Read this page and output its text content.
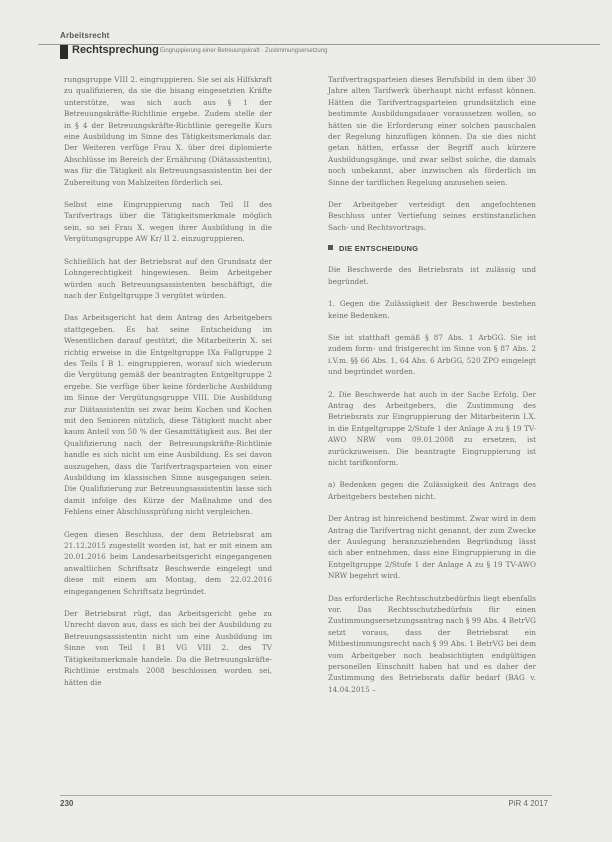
Arbeitsrecht
Rechtsprechung Eingruppierung einer Betreuungskraft · Zustimmungsersetzung

rungsgruppe VIII 2. eingruppieren. Sie sei als Hilfskraft zu qualifizieren, da sie die bisang eingesetzten Kräfte unterstütze, was sich auch aus § 1 der Betreuungskräfte-Richtlinie ergebe. Zudem stelle der in § 4 der Betreuungskräfte-Richtlinie geregelte Kurs eine Ausbildung im Sinne des Tätigkeitsmerkmals dar. Der Weiteren verfüge Frau X. über drei diplomierte Abschlüsse im Bereich der Ernährung (Diätassistentin), was für die Tätigkeit als Betreuungsassistentin bei der Zubereitung von Mahlzeiten förderlich sei.

Selbst eine Eingruppierung nach Teil II des Tarifvertrags über die Tätigkeitsmerkmale möglich sein, so sei Frau X. wegen ihrer Ausbildung in die Vergütungsgruppe AW Kr/ II 2. einzugruppieren.

Schließlich hat der Betriebsrat auf den Grundsatz der Lohngerechtigkeit hingewiesen. Beim Arbeitgeber würden auch Betreuungsassistenten beschäftigt, die nach der Entgeltgruppe 3 vergütet würden.

Das Arbeitsgericht hat dem Antrag des Arbeitgebers stattgegeben. Es hat seine Entscheidung im Wesentlichen darauf gestützt, die Mitarbeiterin X. sei richtig erweise in die Entgeltgruppe IXa Fallgruppe 2 des Teils I B 1. eingruppieren, worauf sich wiederum die Vergütung gemäß der beantragten Entgeltgruppe 2 ergebe. Sie verfüge über keine förderliche Ausbildung im Sinne der Vergütungsgruppe VIII. Die Ausbildung zur Diätassistentin sei zwar beim Kochen und Kochen mit den Senioren nützlich, diese Tätigkeit macht aber kaum Anteil von 50 % der Gesamttätigkeit aus. Bei der Qualifizierung nach der Betreuungskräfte-Richtlinie handle es sich nicht um eine Ausbildung. Es sei davon auszugehen, dass die Tarifvertragsparteien von einer Ausbildung im klassischen Sinne ausgegangen seien. Die Qualifizierung zur Betreuungsassistentin lasse sich damit infolge des Kürze der Maßnahme und des Fehlens einer Abschlussprüfung nicht vergleichen.

Gegen diesen Beschluss, der dem Betriebsrat am 21.12.2015 zugestellt worden ist, hat er mit einem am 20.01.2016 beim Landesarbeitsgericht eingegangenen anwaltlichen Schriftsatz Beschwerde eingelegt und diese mit einem am Montag, dem 22.02.2016 eingegangenen Schriftsatz begründet.

Der Betriebsrat rügt, das Arbeitsgericht gehe zu Unrecht davon aus, dass es sich bei der Ausbildung zu Betreuungsassistentin nicht um eine Ausbildung im Sinne von Teil I B1 VG VIII 2. des TV Tätigkeitsmerkmale handele. Da die Betreuungskräfte-Richtlinie erstmals 2008 beschlossen worden sei, hätten die

Tarifvertragsparteien dieses Berufsbild in dem über 30 Jahre alten Tarifwerk überhaupt nicht erfasst können. Hätten die Tarifvertragsparteien grundsätzlich eine bestimmte Ausbildungsdauer voraussetzen wollen, so hätten sie die Erforderung einer solchen pauschalen der Regelung hinzufügen können. Da sie dies nicht getan hätten, erfasse der Begriff auch kürzere Ausbildungsgänge, und zwar selbst solche, die damals noch unbekannt, aber inzwischen als förderlich im Sinne der tariflichen Regelung anzusehen seien.

Der Arbeitgeber verteidigt den angefochtenen Beschluss unter Vertiefung seines erstinstanzlichen Sach- und Rechtsvortrags.

DIE ENTSCHEIDUNG

Die Beschwerde des Betriebsrats ist zulässig und begründet.

1. Gegen die Zulässigkeit der Beschwerde bestehen keine Bedenken.

Sie ist statthaft gemäß § 87 Abs. 1 ArbGG. Sie ist zudem form- und fristgerecht im Sinne von § 87 Abs. 2 i.V.m. §§ 66 Abs. 1, 64 Abs. 6 ArbGG, 520 ZPO eingelegt und begründet worden.

2. Die Beschwerde hat auch in der Sache Erfolg. Der Antrag des Arbeitgebers, die Zustimmung des Betriebsrats zur Eingruppierung der Mitarbeiterin I.X. in die Entgeltgruppe 2/Stufe 1 der Anlage A zu § 19 TV-AWO NRW vom 09.01.2008 zu ersetzen, ist zurückzuweisen. Die beantragte Eingruppierung ist nicht tarifkonform.

a) Bedenken gegen die Zulässigkeit des Antrags des Arbeitgebers bestehen nicht.

Der Antrag ist hinreichend bestimmt. Zwar wird in dem Antrag die Tarifvertrag nicht genannt, der zum Zwecke der Auslegung heranzuziehenden Begründung lässt sich aber entnehmen, dass eine Eingruppierung in die Entgeltgruppe 2/Stufe 1 der Anlage A zu § 19 TV-AWO NRW begehrt wird.

Das erforderliche Rechtsschutzbedürfnis liegt ebenfalls vor. Das Rechtsschutzbedürfnis für einen Zustimmungsersetzungsantrag nach § 99 Abs. 4 BetrVG setzt voraus, dass der Betriebsrat ein Mitbestimmungsrecht nach § 99 Abs. 1 BetrVG bei dem vom Arbeitgeber noch beabsichtigten endgültigen personellen Einschnitt haben hat und es daher der Zustimmung des Betriebsrats dafür bedarf (BAG v. 14.04.2015 –

230	PiR 4 2017
